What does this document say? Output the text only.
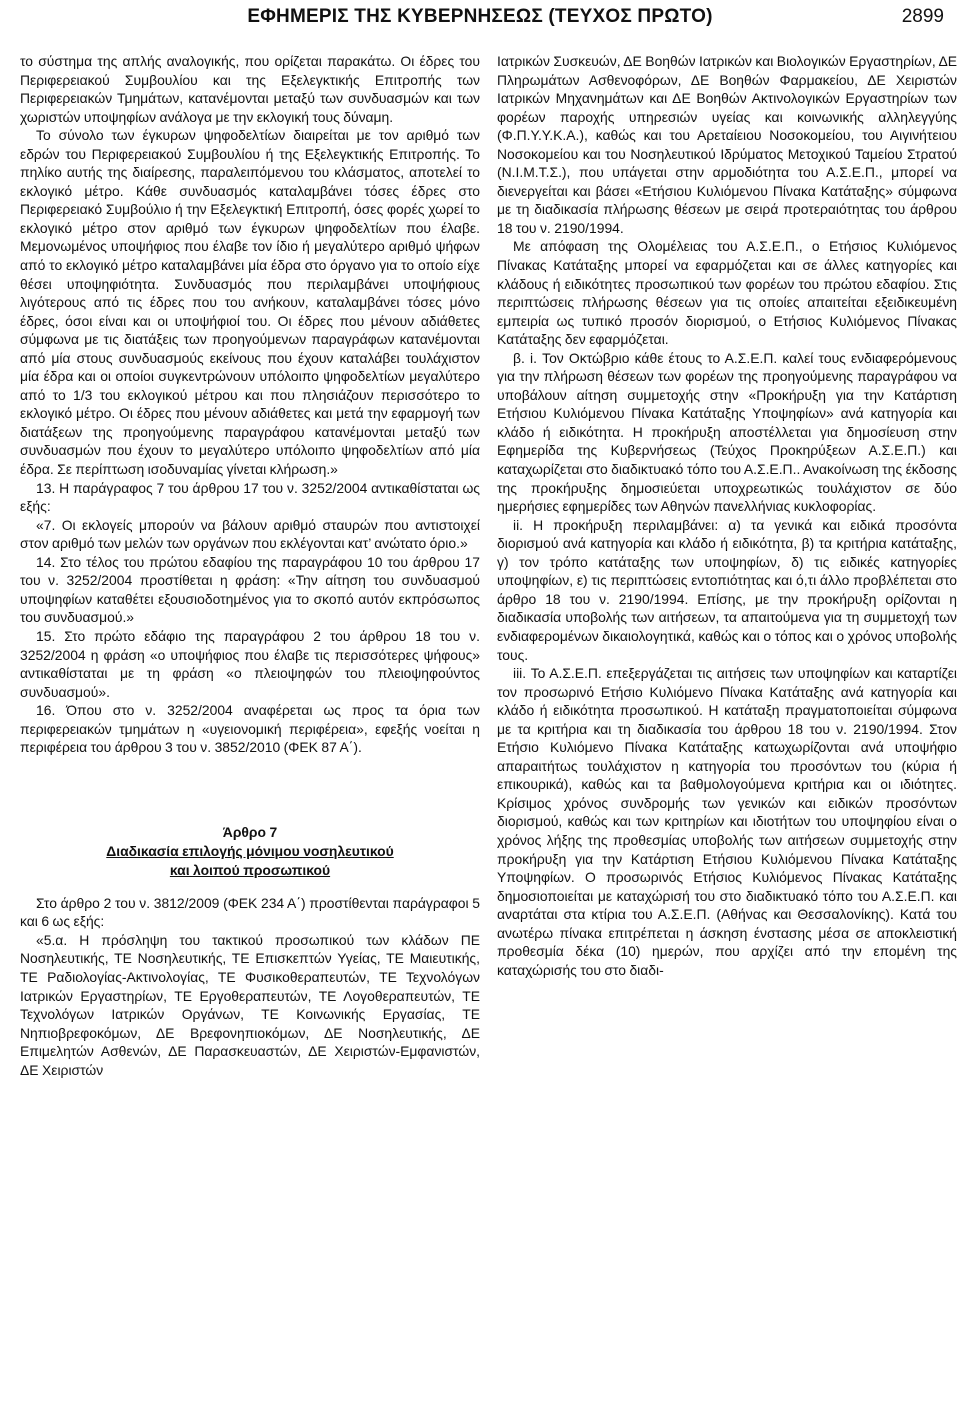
ΕΦΗΜΕΡΙΣ ΤΗΣ ΚΥΒΕΡΝΗΣΕΩΣ (ΤΕΥΧΟΣ ΠΡΩΤΟ)	2899

το σύστημα της απλής αναλογικής, που ορίζεται παρακάτω. Οι έδρες του Περιφερειακού Συμβουλίου και της Εξελεγκτικής Επιτροπής των Περιφερειακών Τμημάτων, κατανέμονται μεταξύ των συνδυασμών και των χωριστών υποψηφίων ανάλογα με την εκλογική τους δύναμη.

Το σύνολο των έγκυρων ψηφοδελτίων διαιρείται με τον αριθμό των εδρών του Περιφερειακού Συμβουλίου ή της Εξελεγκτικής Επιτροπής. Το πηλίκο αυτής της διαίρεσης, παραλειπόμενου του κλάσματος, αποτελεί το εκλογικό μέτρο. Κάθε συνδυασμός καταλαμβάνει τόσες έδρες στο Περιφερειακό Συμβούλιο ή την Εξελεγκτική Επιτροπή, όσες φορές χωρεί το εκλογικό μέτρο στον αριθμό των έγκυρων ψηφοδελτίων που έλαβε. Μεμονωμένος υποψήφιος που έλαβε τον ίδιο ή μεγαλύτερο αριθμό ψήφων από το εκλογικό μέτρο καταλαμβάνει μία έδρα στο όργανο για το οποίο είχε θέσει υποψηφιότητα. Συνδυασμός που περιλαμβάνει υποψήφιους λιγότερους από τις έδρες που του ανήκουν, καταλαμβάνει τόσες μόνο έδρες, όσοι είναι και οι υποψήφιοί του. Οι έδρες που μένουν αδιάθετες σύμφωνα με τις διατάξεις των προηγούμενων παραγράφων κατανέμονται από μία στους συνδυασμούς εκείνους που έχουν καταλάβει τουλάχιστον μία έδρα και οι οποίοι συγκεντρώνουν υπόλοιπο ψηφοδελτίων μεγαλύτερο από το 1/3 του εκλογικού μέτρου και που πλησιάζουν περισσότερο το εκλογικό μέτρο. Οι έδρες που μένουν αδιάθετες και μετά την εφαρμογή των διατάξεων της προηγούμενης παραγράφου κατανέμονται μεταξύ των συνδυασμών που έχουν το μεγαλύτερο υπόλοιπο ψηφοδελτίων από μία έδρα. Σε περίπτωση ισοδυναμίας γίνεται κλήρωση.»

13. Η παράγραφος 7 του άρθρου 17 του ν. 3252/2004 αντικαθίσταται ως εξής:

«7. Οι εκλογείς μπορούν να βάλουν αριθμό σταυρών που αντιστοιχεί στον αριθμό των μελών των οργάνων που εκλέγονται κατ’ ανώτατο όριο.»

14. Στο τέλος του πρώτου εδαφίου της παραγράφου 10 του άρθρου 17 του ν. 3252/2004 προστίθεται η φράση: «Την αίτηση του συνδυασμού υποψηφίων καταθέτει εξουσιοδοτημένος για το σκοπό αυτόν εκπρόσωπος του συνδυασμού.»

15. Στο πρώτο εδάφιο της παραγράφου 2 του άρθρου 18 του ν. 3252/2004 η φράση «ο υποψήφιος που έλαβε τις περισσότερες ψήφους» αντικαθίσταται με τη φράση «ο πλειοψηφών του πλειοψηφούντος συνδυασμού».

16. Όπου στο ν. 3252/2004 αναφέρεται ως προς τα όρια των περιφερειακών τμημάτων η «υγειονομική περιφέρεια», εφεξής νοείται η περιφέρεια του άρθρου 3 του ν. 3852/2010 (ΦΕΚ 87 Α΄).

Άρθρο 7
Διαδικασία επιλογής μόνιμου νοσηλευτικού
και λοιπού προσωπικού

Στο άρθρο 2 του ν. 3812/2009 (ΦΕΚ 234 Α΄) προστίθενται παράγραφοι 5 και 6 ως εξής:

«5.α. Η πρόσληψη του τακτικού προσωπικού των κλάδων ΠΕ Νοσηλευτικής, ΤΕ Νοσηλευτικής, ΤΕ Επισκεπτών Υγείας, ΤΕ Μαιευτικής, ΤΕ Ραδιολογίας-Ακτινολογίας, ΤΕ Φυσικοθεραπευτών, ΤΕ Τεχνολόγων Ιατρικών Εργαστηρίων, ΤΕ Εργοθεραπευτών, ΤΕ Λογοθεραπευτών, ΤΕ Τεχνολόγων Ιατρικών Οργάνων, ΤΕ Κοινωνικής Εργασίας, ΤΕ Νηπιοβρεφοκόμων, ΔΕ Βρεφονηπιοκόμων, ΔΕ Νοσηλευτικής, ΔΕ Επιμελητών Ασθενών, ΔΕ Παρασκευαστών, ΔΕ Χειριστών-Εμφανιστών, ΔΕ Χειριστών

Ιατρικών Συσκευών, ΔΕ Βοηθών Ιατρικών και Βιολογικών Εργαστηρίων, ΔΕ Πληρωμάτων Ασθενοφόρων, ΔΕ Βοηθών Φαρμακείου, ΔΕ Χειριστών Ιατρικών Μηχανημάτων και ΔΕ Βοηθών Ακτινολογικών Εργαστηρίων των φορέων παροχής υπηρεσιών υγείας και κοινωνικής αλληλεγγύης (Φ.Π.Υ.Υ.Κ.Α.), καθώς και του Αρεταίειου Νοσοκομείου, του Αιγινήτειου Νοσοκομείου και του Νοσηλευτικού Ιδρύματος Μετοχικού Ταμείου Στρατού (Ν.Ι.Μ.Τ.Σ.), που υπάγεται στην αρμοδιότητα του Α.Σ.Ε.Π., μπορεί να διενεργείται και βάσει «Ετήσιου Κυλιόμενου Πίνακα Κατάταξης» σύμφωνα με τη διαδικασία πλήρωσης θέσεων με σειρά προτεραιότητας του άρθρου 18 του ν. 2190/1994.

Με απόφαση της Ολομέλειας του Α.Σ.Ε.Π., ο Ετήσιος Κυλιόμενος Πίνακας Κατάταξης μπορεί να εφαρμόζεται και σε άλλες κατηγορίες και κλάδους ή ειδικότητες προσωπικού των φορέων του πρώτου εδαφίου. Στις περιπτώσεις πλήρωσης θέσεων για τις οποίες απαιτείται εξειδικευμένη εμπειρία ως τυπικό προσόν διορισμού, ο Ετήσιος Κυλιόμενος Πίνακας Κατάταξης δεν εφαρμόζεται.

β. i. Τον Οκτώβριο κάθε έτους το Α.Σ.Ε.Π. καλεί τους ενδιαφερόμενους για την πλήρωση θέσεων των φορέων της προηγούμενης παραγράφου να υποβάλουν αίτηση συμμετοχής στην «Προκήρυξη για την Κατάρτιση Ετήσιου Κυλιόμενου Πίνακα Κατάταξης Υποψηφίων» ανά κατηγορία και κλάδο ή ειδικότητα. Η προκήρυξη αποστέλλεται για δημοσίευση στην Εφημερίδα της Κυβερνήσεως (Τεύχος Προκηρύξεων Α.Σ.Ε.Π.) και καταχωρίζεται στο διαδικτυακό τόπο του Α.Σ.Ε.Π.. Ανακοίνωση της έκδοσης της προκήρυξης δημοσιεύεται υποχρεωτικώς τουλάχιστον σε δύο ημερήσιες εφημερίδες των Αθηνών πανελλήνιας κυκλοφορίας.

ii. Η προκήρυξη περιλαμβάνει: α) τα γενικά και ειδικά προσόντα διορισμού ανά κατηγορία και κλάδο ή ειδικότητα, β) τα κριτήρια κατάταξης, γ) τον τρόπο κατάταξης των υποψηφίων, δ) τις ειδικές κατηγορίες υποψηφίων, ε) τις περιπτώσεις εντοπιότητας και ό,τι άλλο προβλέπεται στο άρθρο 18 του ν. 2190/1994. Επίσης, με την προκήρυξη ορίζονται η διαδικασία υποβολής των αιτήσεων, τα απαιτούμενα για τη συμμετοχή των ενδιαφερομένων δικαιολογητικά, καθώς και ο τόπος και ο χρόνος υποβολής τους.

iii. Το Α.Σ.Ε.Π. επεξεργάζεται τις αιτήσεις των υποψηφίων και καταρτίζει τον προσωρινό Ετήσιο Κυλιόμενο Πίνακα Κατάταξης ανά κατηγορία και κλάδο ή ειδικότητα προσωπικού. Η κατάταξη πραγματοποιείται σύμφωνα με τα κριτήρια και τη διαδικασία του άρθρου 18 του ν. 2190/1994. Στον Ετήσιο Κυλιόμενο Πίνακα Κατάταξης κατωχωρίζονται ανά υποψήφιο απαραιτήτως τουλάχιστον η κατηγορία του προσόντων του (κύρια ή επικουρικά), καθώς και τα βαθμολογούμενα κριτήρια και οι ιδιότητες. Κρίσιμος χρόνος συνδρομής των γενικών και ειδικών προσόντων διορισμού, καθώς και των κριτηρίων και ιδιοτήτων του υποψηφίου είναι ο χρόνος λήξης της προθεσμίας υποβολής των αιτήσεων συμμετοχής στην προκήρυξη για την Κατάρτιση Ετήσιου Κυλιόμενου Πίνακα Κατάταξης Υποψηφίων. Ο προσωρινός Ετήσιος Κυλιόμενος Πίνακας Κατάταξης δημοσιοποιείται με καταχώρισή του στο διαδικτυακό τόπο του Α.Σ.Ε.Π. και αναρτάται στα κτίρια του Α.Σ.Ε.Π. (Αθήνας και Θεσσαλονίκης). Κατά του ανωτέρω πίνακα επιτρέπεται η άσκηση ένστασης μέσα σε αποκλειστική προθεσμία δέκα (10) ημερών, που αρχίζει από την επομένη της καταχώρισής του στο διαδι-
